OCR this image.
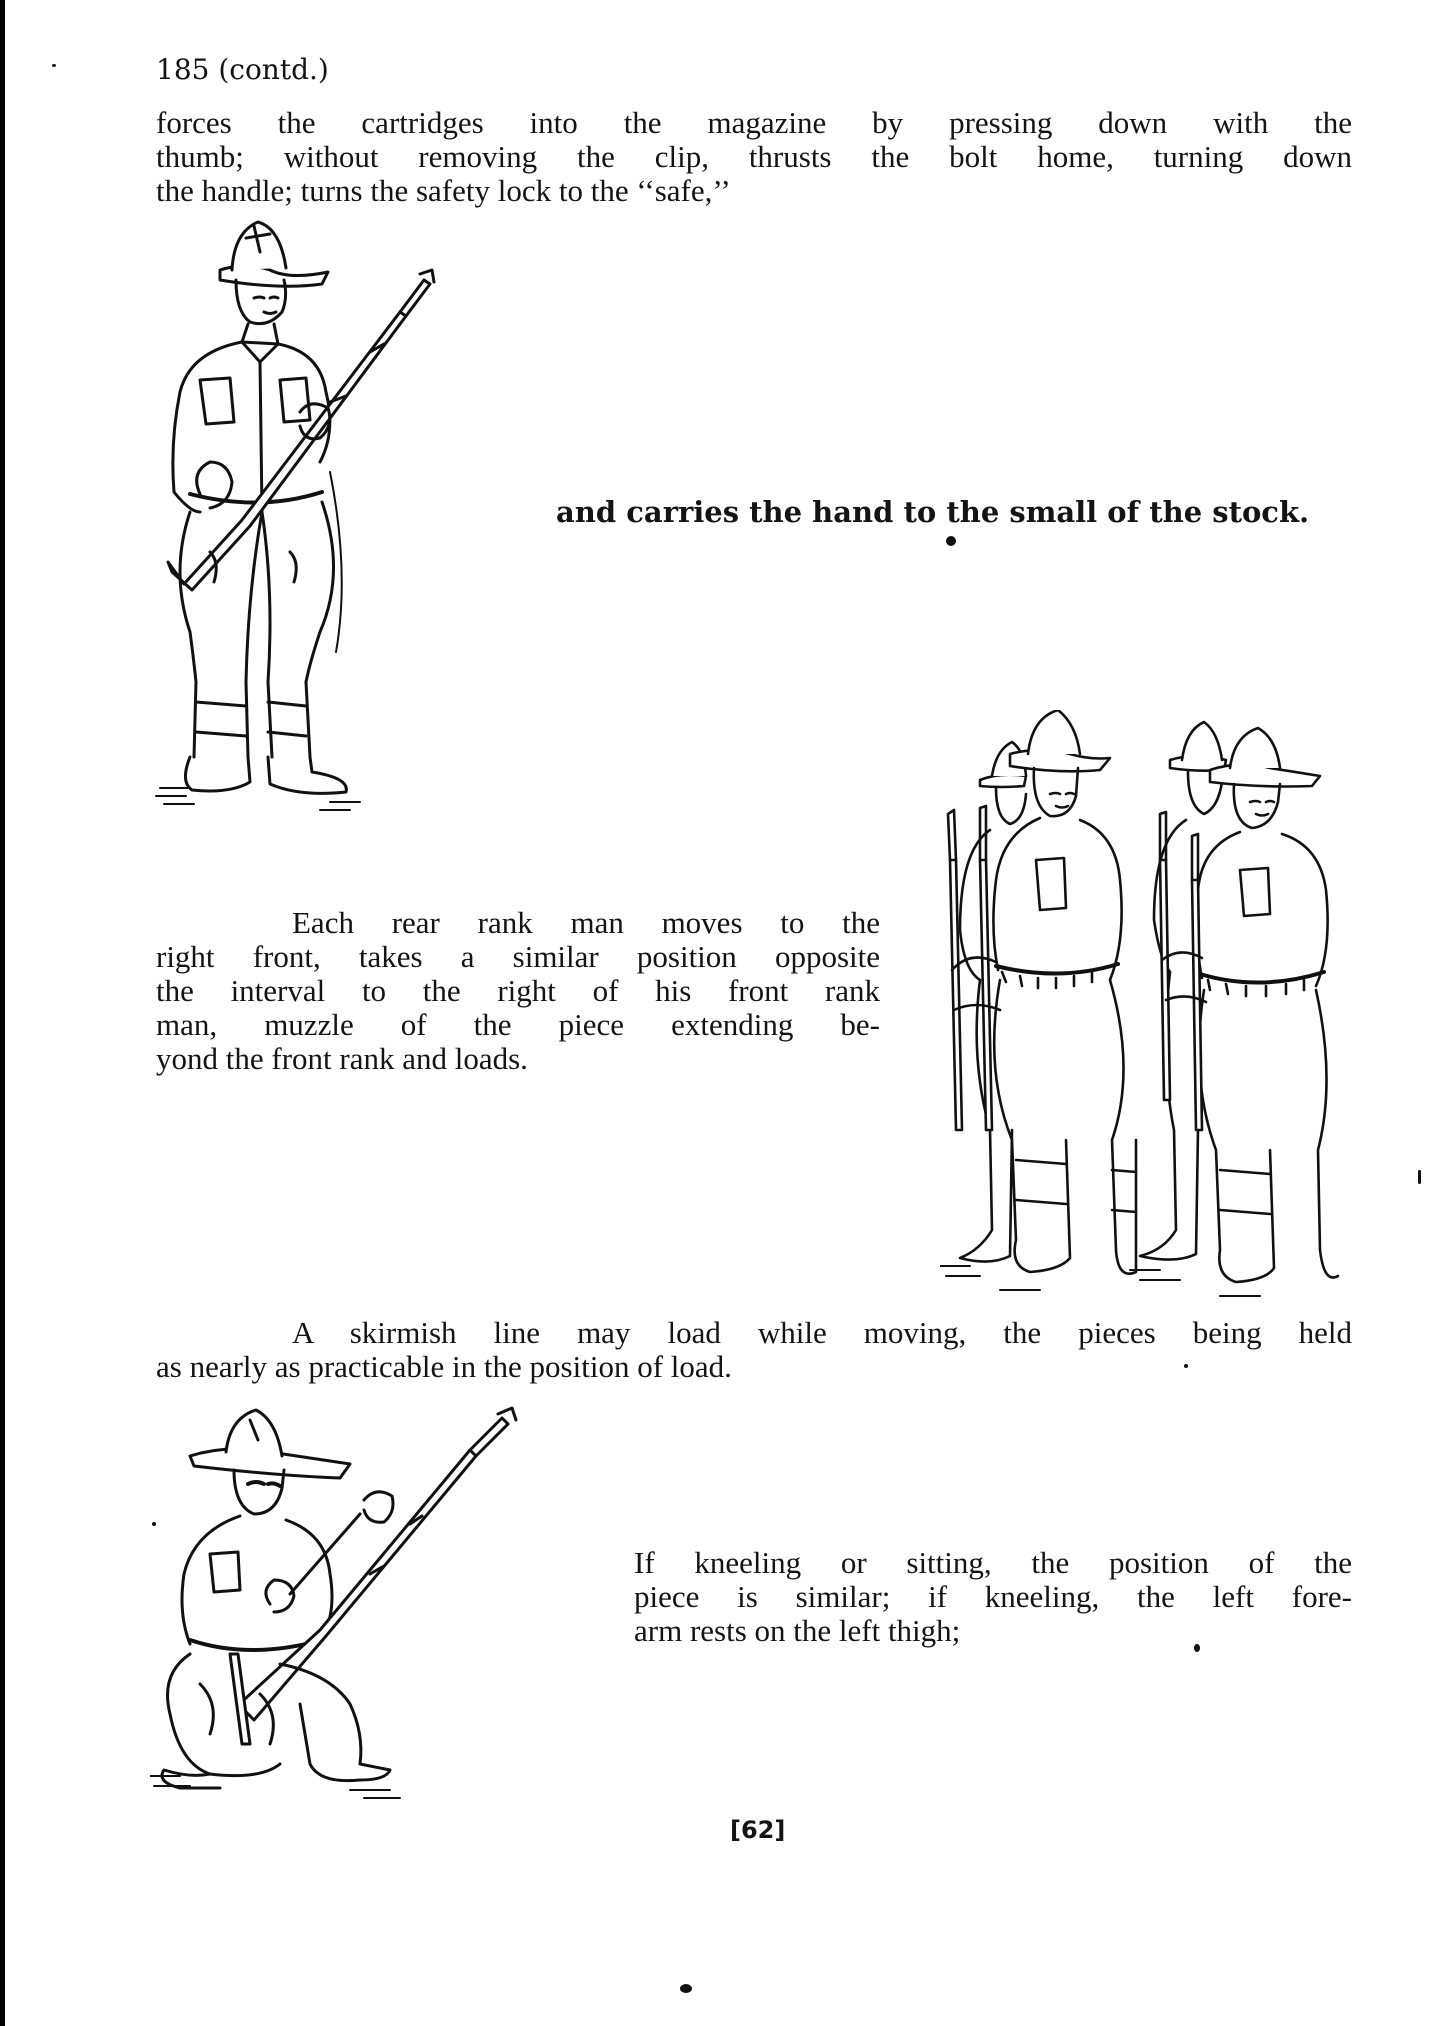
185 (contd.)
forces the cartridges into the magazine by pressing down with the
thumb; without removing the clip, thrusts the bolt home, turning down
the handle; turns the safety lock to the ‘‘safe,’’
and carries the hand to the small of the stock.
Each rear rank man moves to the
right front, takes a similar position opposite
the interval to the right of his front rank
man, muzzle of the piece extending be-
yond the front rank and loads.
A skirmish line may load while moving, the pieces being held
as nearly as practicable in the position of load.
If kneeling or sitting, the position of the
piece is similar; if kneeling, the left fore-
arm rests on the left thigh;
[62]
